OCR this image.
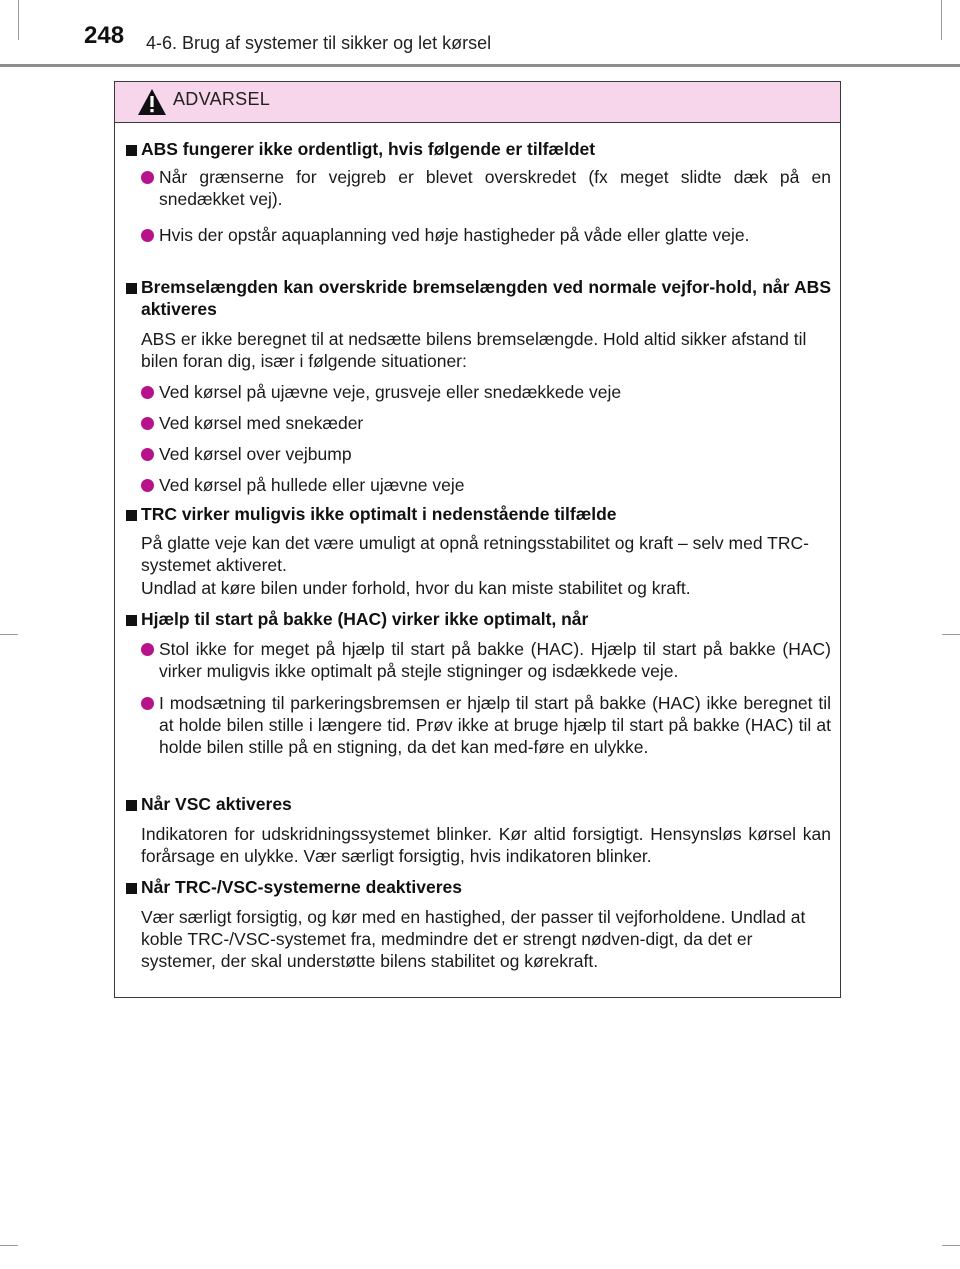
248 4-6. Brug af systemer til sikker og let kørsel
ADVARSEL
ABS fungerer ikke ordentligt, hvis følgende er tilfældet
Når grænserne for vejgreb er blevet overskredet (fx meget slidte dæk på en snedækket vej).
Hvis der opstår aquaplanning ved høje hastigheder på våde eller glatte veje.
Bremselængden kan overskride bremselængden ved normale vejfor-hold, når ABS aktiveres
ABS er ikke beregnet til at nedsætte bilens bremselængde. Hold altid sikker afstand til bilen foran dig, især i følgende situationer:
Ved kørsel på ujævne veje, grusveje eller snedækkede veje
Ved kørsel med snekæder
Ved kørsel over vejbump
Ved kørsel på hullede eller ujævne veje
TRC virker muligvis ikke optimalt i nedenstående tilfælde
På glatte veje kan det være umuligt at opnå retningsstabilitet og kraft – selv med TRC-systemet aktiveret.
Undlad at køre bilen under forhold, hvor du kan miste stabilitet og kraft.
Hjælp til start på bakke (HAC) virker ikke optimalt, når
Stol ikke for meget på hjælp til start på bakke (HAC). Hjælp til start på bakke (HAC) virker muligvis ikke optimalt på stejle stigninger og isdækkede veje.
I modsætning til parkeringsbremsen er hjælp til start på bakke (HAC) ikke beregnet til at holde bilen stille i længere tid. Prøv ikke at bruge hjælp til start på bakke (HAC) til at holde bilen stille på en stigning, da det kan med-føre en ulykke.
Når VSC aktiveres
Indikatoren for udskridningssystemet blinker. Kør altid forsigtigt. Hensynsløs kørsel kan forårsage en ulykke. Vær særligt forsigtig, hvis indikatoren blinker.
Når TRC-/VSC-systemerne deaktiveres
Vær særligt forsigtig, og kør med en hastighed, der passer til vejforholdene. Undlad at koble TRC-/VSC-systemet fra, medmindre det er strengt nødven-digt, da det er systemer, der skal understøtte bilens stabilitet og kørekraft.
